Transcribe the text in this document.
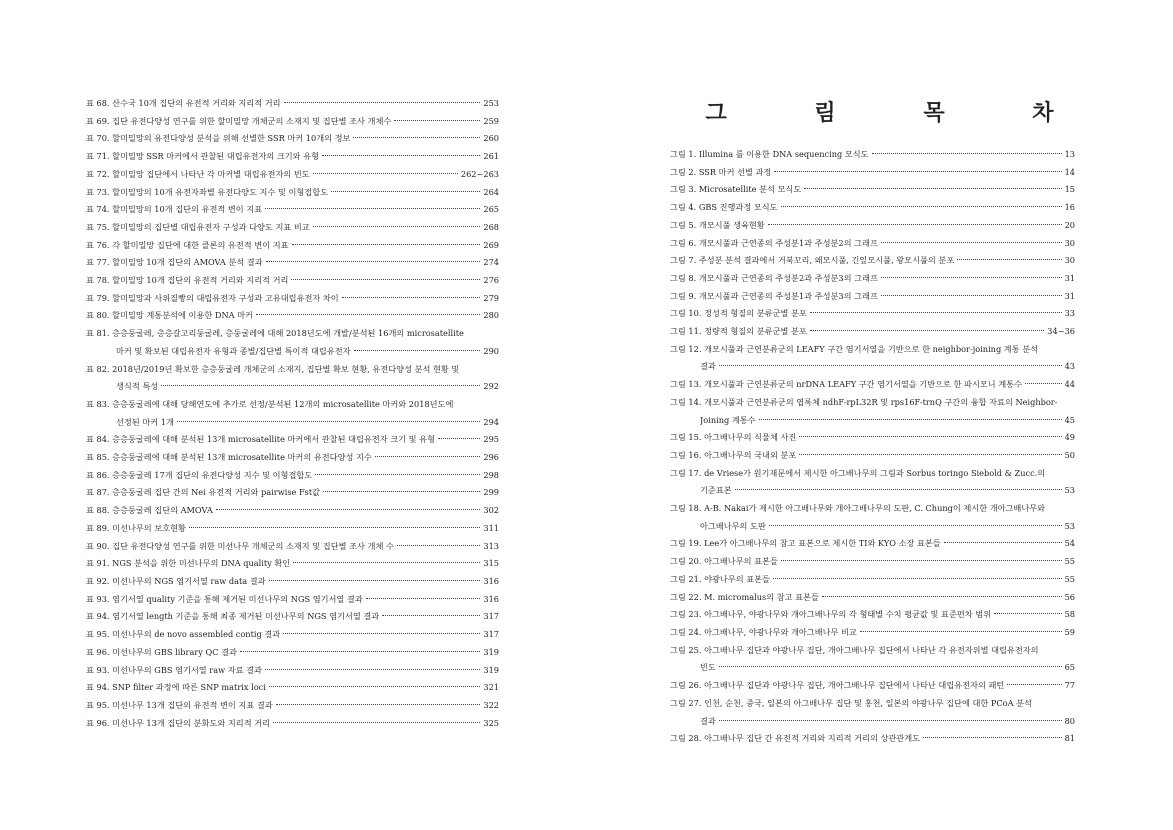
표 68.
산수국 10개 집단의 유전적 거리와 지리적 거리	253
표 69.
집단 유전다양성 연구를 위한 할미밀망 개체군의 소재지 및 집단별 조사 개체수	259
표 70.
할미밀망의 유전다양성 분석을 위해 선별한 SSR 마커 10개의 정보	260
표 71.
할미밀망 SSR 마커에서 관찰된 대립유전자의 크기와 유형	261
표 72.
할미밀망 집단에서 나타난 각 마커별 대립유전자의 빈도	262~263
표 73.
할미밀망의 10개 유전자좌별 유전다양도 지수 및 이형접합도	264
표 74.
할미밀망의 10개 집단의 유전적 변이 지표	265
표 75.
할미밀망의 집단별 대립유전자 구성과 다양도 지표 비교	268
표 76.
각 할미밀망 집단에 대한 클론의 유전적 변이 지표	269
표 77.
할미밀망 10개 집단의 AMOVA 분석 결과	274
표 78.
할미밀망 10개 집단의 유전적 거리와 지리적 거리	276
표 79.
할미밀망과 사위질빵의 대립유전자 구성과 고유대립유전자 차이	279
표 80.
할미밀망 계통분석에 이용한 DNA 마커	280
표 81.
층층둥굴레, 층층갈고리둥굴레, 층둥굴레에 대해 2018년도에 개발/분석된 16개의 microsatellite
마커 및 확보된 대립유전자 유형과 종별/집단별 특이적 대립유전자	290
표 82.
2018년/2019년 확보한 층층둥굴레 개체군의 소재지, 집단별 확보 현황, 유전다양성 분석 현황 및
생식적 특성	292
표 83.
층층둥굴레에 대해 당해연도에 추가로 선정/분석된 12개의 microsatellite 마커와 2018년도에
선정된 마커 1개	294
표 84.
층층둥굴레에 대해 분석된 13개 microsatellite 마커에서 관찰된 대립유전자 크기 및 유형	295
표 85.
층층둥굴레에 대해 분석된 13개 microsatellite 마커의 유전다양성 지수	296
표 86.
층층둥굴레 17개 집단의 유전다양성 지수 및 이형접합도	298
표 87.
층층둥굴레 집단 간의 Nei 유전적 거리와 pairwise Fst값	299
표 88.
층층둥굴레 집단의 AMOVA	302
표 89.
미선나무의 보호현황	311
표 90.
집단 유전다양성 연구를 위한 미선나무 개체군의 소재지 및 집단별 조사 개체 수	313
표 91.
NGS 분석을 위한 미선나무의 DNA quality 확인	315
표 92.
미선나무의 NGS 염기서열 raw data 결과	316
표 93.
염기서열 quality 기준을 통해 제거된 미선나무의 NGS 염기서열 결과	316
표 94.
염기서열 length 기준을 통해 최종 제거된 미선나무의 NGS 염기서열 결과	317
표 95.
미선나무의 de novo assembled contig 결과	317
표 96.
미선나무의 GBS library QC 결과	319
표 93.
미선나무의 GBS 염기서열 raw 자료 결과	319
표 94.
SNP filter 과정에 따른 SNP matrix loci	321
표 95.
미선나무 13개 집단의 유전적 변이 지표 결과	322
표 96.
미선나무 13개 집단의 분화도와 지리적 거리	325
그 림 목 차
그림 1.
Illumina 를 이용한 DNA sequencing 모식도	13
그림 2.
SSR 마커 선별 과정	14
그림 3.
Microsatellite 분석 모식도	15
그림 4.
GBS 진행과정 모식도	16
그림 5.
개모시풀 생육현황	20
그림 6.
개모시풀과 근연종의 주성분1과 주성분2의 그래프	30
그림 7.
주성분 분석 결과에서 거북꼬리, 왜모시풀, 긴잎모시풀, 왕모시풀의 분포	30
그림 8.
개모시풀과 근연종의 주성분2과 주성분3의 그래프	31
그림 9.
개모시풀과 근연종의 주성분1과 주성분3의 그래프	31
그림 10.
정성적 형질의 분류군별 분포	33
그림 11.
정량적 형질의 분류군별 분포	34~36
그림 12.
개모시풀과 근연분류군의 LEAFY 구간 염기서열을 기반으로 한 neighbor-joining 계통 분석
결과	43
그림 13.
개모시풀과 근연분류군의 nrDNA LEAFY 구간 염기서열을 기반으로 한 파시모니 계통수	44
그림 14.
개모시풀과 근연분류군의 엽록체 ndhF-rpL32R 및 rps16F-trnQ 구간의 융합 자료의 Neighbor-
Joining 계통수	45
그림 15.
아그배나무의 식물체 사진	49
그림 16.
아그배나무의 국내외 분포	50
그림 17.
de Vriese가 원기재문에서 제시한 아그배나무의 그림과 Sorbus toringo Siebold & Zucc.의
기준표본	53
그림 18.
A-B. Nakai가 제시한 아그배나무와 개아그배나무의 도판, C. Chung이 제시한 개아그배나무와
아그배나무의 도판	53
그림 19.
Lee가 아그배나무의 참고 표본으로 제시한 TI와 KYO 소장 표본들	54
그림 20.
아그배나무의 표본들	55
그림 21.
야광나무의 표본들	55
그림 22.
M. micromalus의 참고 표본들	56
그림 23.
아그배나무, 야광나무와 개아그배나무의 각 형태별 수치 평균값 및 표준편차 범위	58
그림 24.
아그배나무, 야광나무와 개아그배나무 비교	59
그림 25.
아그배나무 집단과 야광나무 집단, 개아그배나무 집단에서 나타난 각 유전자위별 대립유전자의
빈도	65
그림 26.
아그배나무 집단과 야광나무 집단, 개아그배나무 집단에서 나타난 대립유전자의 패턴	77
그림 27.
인천, 순천, 중국, 일본의 아그배나무 집단 및 홍천, 일본의 야광나무 집단에 대한 PCoA 분석
결과	80
그림 28.
아그배나무 집단 간 유전적 거리와 지리적 거리의 상관관계도	81
